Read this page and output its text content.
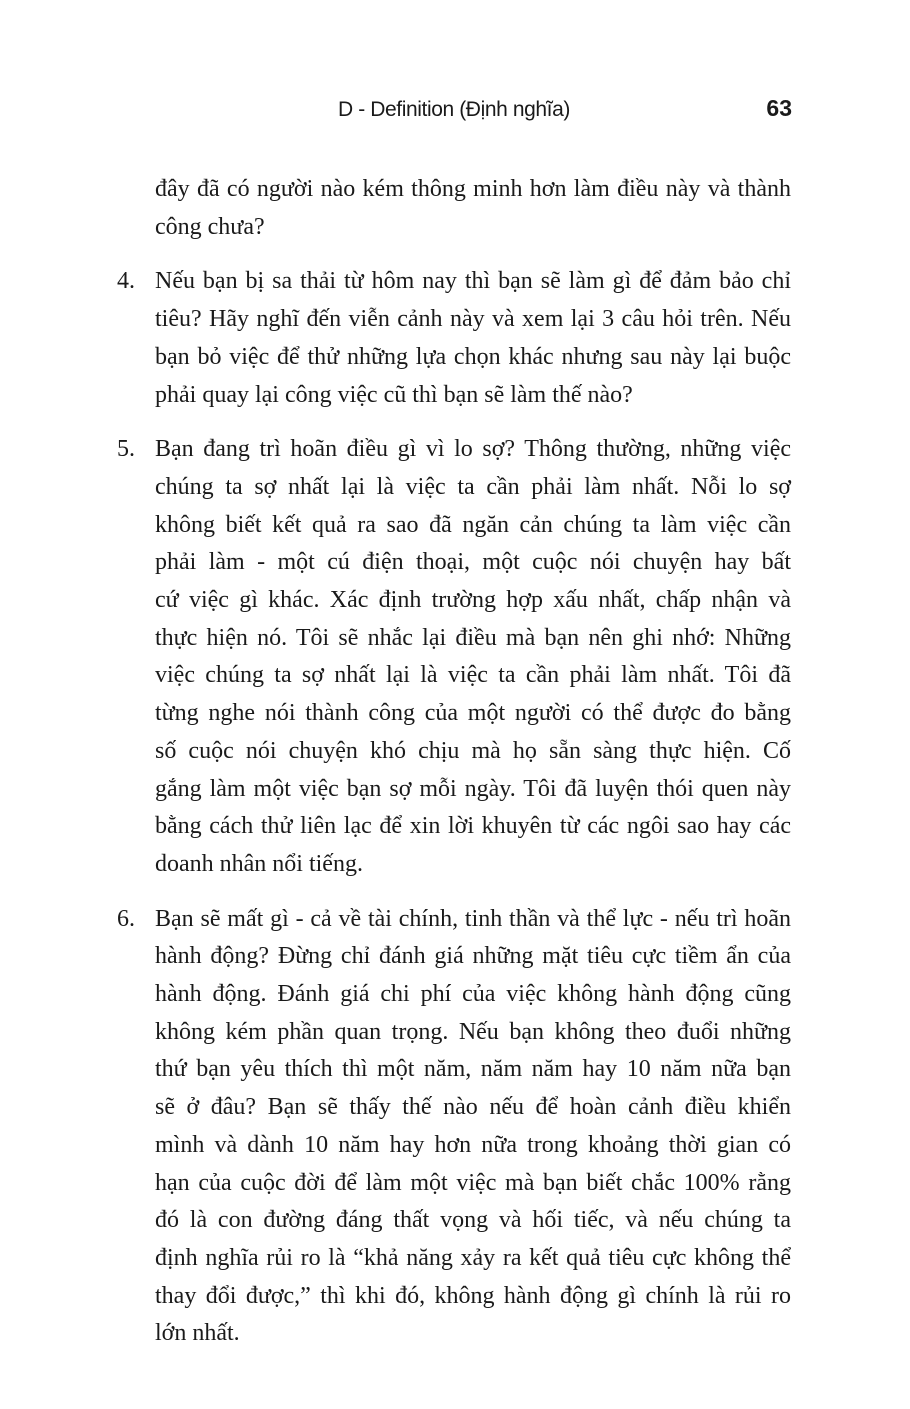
D - Definition (Định nghĩa)	63
đây đã có người nào kém thông minh hơn làm điều này và thành
công chưa?
4. Nếu bạn bị sa thải từ hôm nay thì bạn sẽ làm gì để đảm bảo chỉ
tiêu? Hãy nghĩ đến viễn cảnh này và xem lại 3 câu hỏi trên. Nếu
bạn bỏ việc để thử những lựa chọn khác nhưng sau này lại buộc
phải quay lại công việc cũ thì bạn sẽ làm thế nào?
5. Bạn đang trì hoãn điều gì vì lo sợ? Thông thường, những việc
chúng ta sợ nhất lại là việc ta cần phải làm nhất. Nỗi lo sợ
không biết kết quả ra sao đã ngăn cản chúng ta làm việc cần
phải làm - một cú điện thoại, một cuộc nói chuyện hay bất
cứ việc gì khác. Xác định trường hợp xấu nhất, chấp nhận và
thực hiện nó. Tôi sẽ nhắc lại điều mà bạn nên ghi nhớ: Những
việc chúng ta sợ nhất lại là việc ta cần phải làm nhất. Tôi đã
từng nghe nói thành công của một người có thể được đo bằng
số cuộc nói chuyện khó chịu mà họ sẵn sàng thực hiện. Cố
gắng làm một việc bạn sợ mỗi ngày. Tôi đã luyện thói quen này
bằng cách thử liên lạc để xin lời khuyên từ các ngôi sao hay các
doanh nhân nổi tiếng.
6. Bạn sẽ mất gì - cả về tài chính, tinh thần và thể lực - nếu trì hoãn
hành động? Đừng chỉ đánh giá những mặt tiêu cực tiềm ẩn của
hành động. Đánh giá chi phí của việc không hành động cũng
không kém phần quan trọng. Nếu bạn không theo đuổi những
thứ bạn yêu thích thì một năm, năm năm hay 10 năm nữa bạn
sẽ ở đâu? Bạn sẽ thấy thế nào nếu để hoàn cảnh điều khiển
mình và dành 10 năm hay hơn nữa trong khoảng thời gian có
hạn của cuộc đời để làm một việc mà bạn biết chắc 100% rằng
đó là con đường đáng thất vọng và hối tiếc, và nếu chúng ta
định nghĩa rủi ro là “khả năng xảy ra kết quả tiêu cực không thể
thay đổi được,” thì khi đó, không hành động gì chính là rủi ro
lớn nhất.
